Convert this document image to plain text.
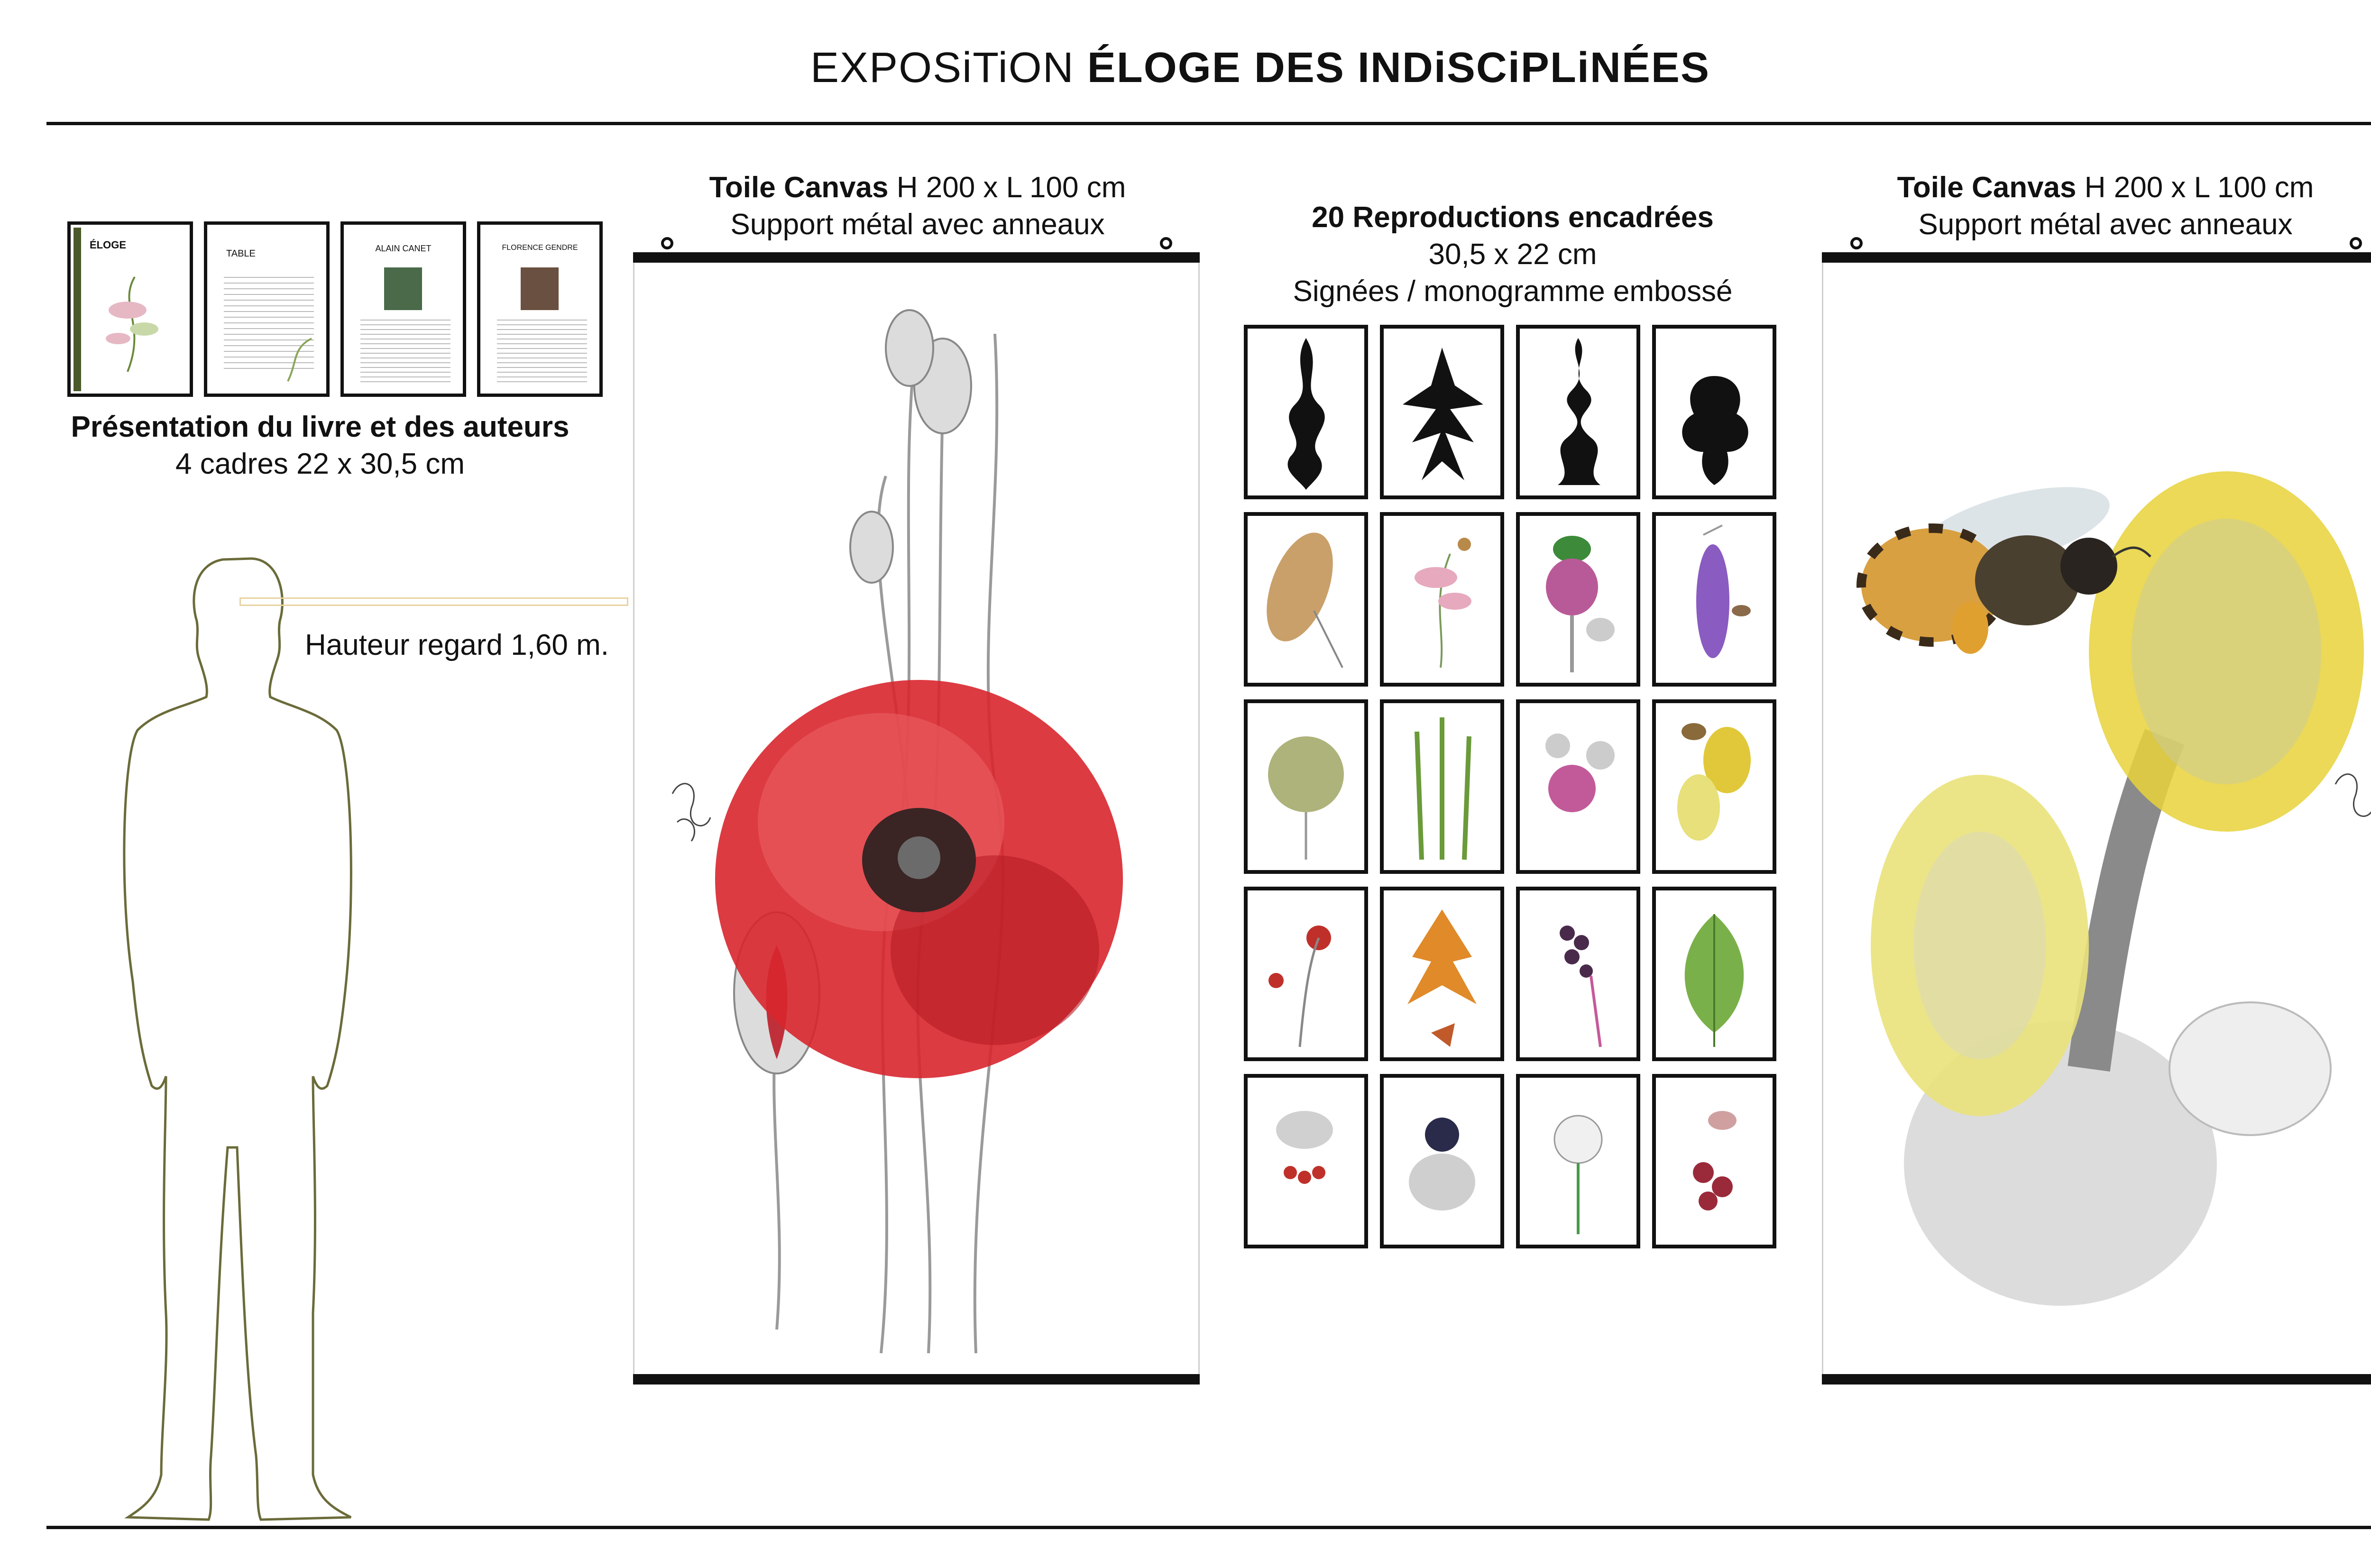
EXPOSiTiON ÉLOGE DES INDiSCiPLiNÉES
ÉLOGE
TABLE	ALAIN CANET	FLORENCE GENDRE
Présentation du livre et des auteurs
4 cadres 22 x 30,5 cm
Hauteur regard 1,60 m.
Toile Canvas H 200 x L 100 cm
Support métal avec anneaux	20 Reproductions encadrées
30,5 x 22 cm
Signées / monogramme embossé
Toile Canvas H 200 x L 100 cm
Support métal avec anneaux
